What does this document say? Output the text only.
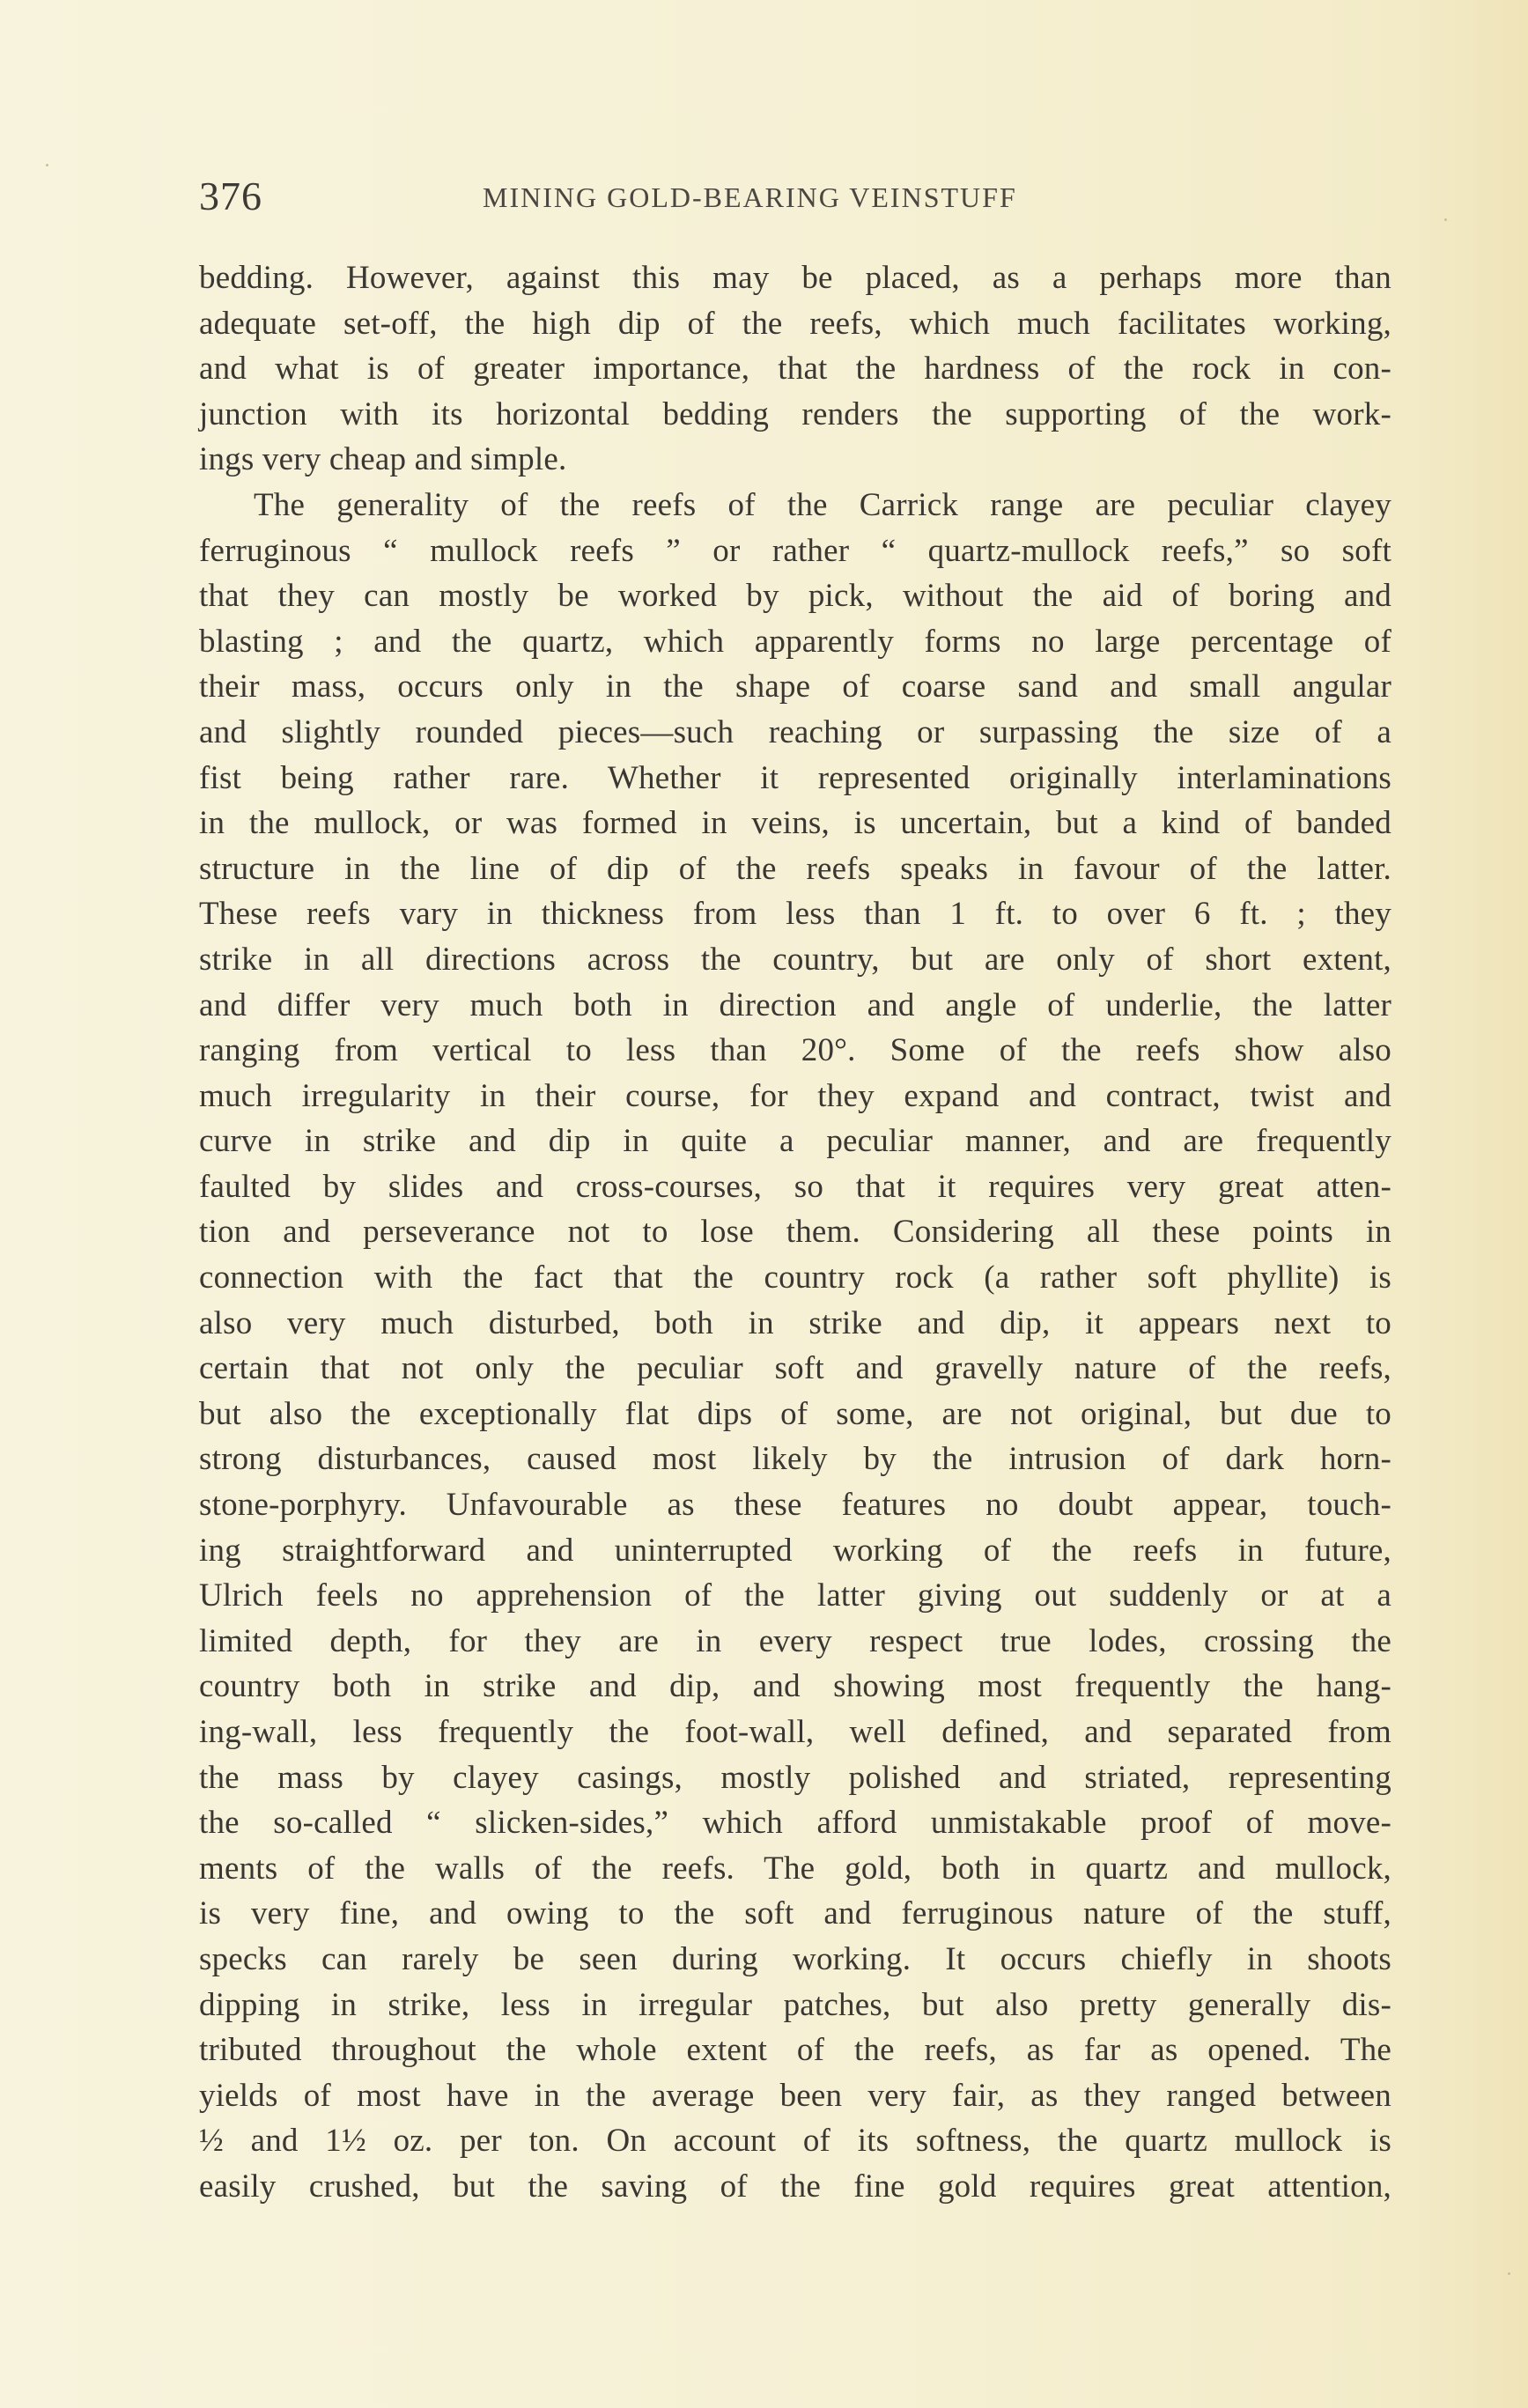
376	MINING GOLD-BEARING VEINSTUFF
bedding. However, against this may be placed, as a perhaps more than
adequate set-off, the high dip of the reefs, which much facilitates working,
and what is of greater importance, that the hardness of the rock in con-
junction with its horizontal bedding renders the supporting of the work-
ings very cheap and simple.
The generality of the reefs of the Carrick range are peculiar clayey
ferruginous “ mullock reefs ” or rather “ quartz-mullock reefs,” so soft
that they can mostly be worked by pick, without the aid of boring and
blasting ; and the quartz, which apparently forms no large percentage of
their mass, occurs only in the shape of coarse sand and small angular
and slightly rounded pieces—such reaching or surpassing the size of a
fist being rather rare. Whether it represented originally interlaminations
in the mullock, or was formed in veins, is uncertain, but a kind of banded
structure in the line of dip of the reefs speaks in favour of the latter.
These reefs vary in thickness from less than 1 ft. to over 6 ft. ; they
strike in all directions across the country, but are only of short extent,
and differ very much both in direction and angle of underlie, the latter
ranging from vertical to less than 20°. Some of the reefs show also
much irregularity in their course, for they expand and contract, twist and
curve in strike and dip in quite a peculiar manner, and are frequently
faulted by slides and cross-courses, so that it requires very great atten-
tion and perseverance not to lose them. Considering all these points in
connection with the fact that the country rock (a rather soft phyllite) is
also very much disturbed, both in strike and dip, it appears next to
certain that not only the peculiar soft and gravelly nature of the reefs,
but also the exceptionally flat dips of some, are not original, but due to
strong disturbances, caused most likely by the intrusion of dark horn-
stone-porphyry. Unfavourable as these features no doubt appear, touch-
ing straightforward and uninterrupted working of the reefs in future,
Ulrich feels no apprehension of the latter giving out suddenly or at a
limited depth, for they are in every respect true lodes, crossing the
country both in strike and dip, and showing most frequently the hang-
ing-wall, less frequently the foot-wall, well defined, and separated from
the mass by clayey casings, mostly polished and striated, representing
the so-called “ slicken-sides,” which afford unmistakable proof of move-
ments of the walls of the reefs. The gold, both in quartz and mullock,
is very fine, and owing to the soft and ferruginous nature of the stuff,
specks can rarely be seen during working. It occurs chiefly in shoots
dipping in strike, less in irregular patches, but also pretty generally dis-
tributed throughout the whole extent of the reefs, as far as opened. The
yields of most have in the average been very fair, as they ranged between
½ and 1½ oz. per ton. On account of its softness, the quartz mullock is
easily crushed, but the saving of the fine gold requires great attention,
